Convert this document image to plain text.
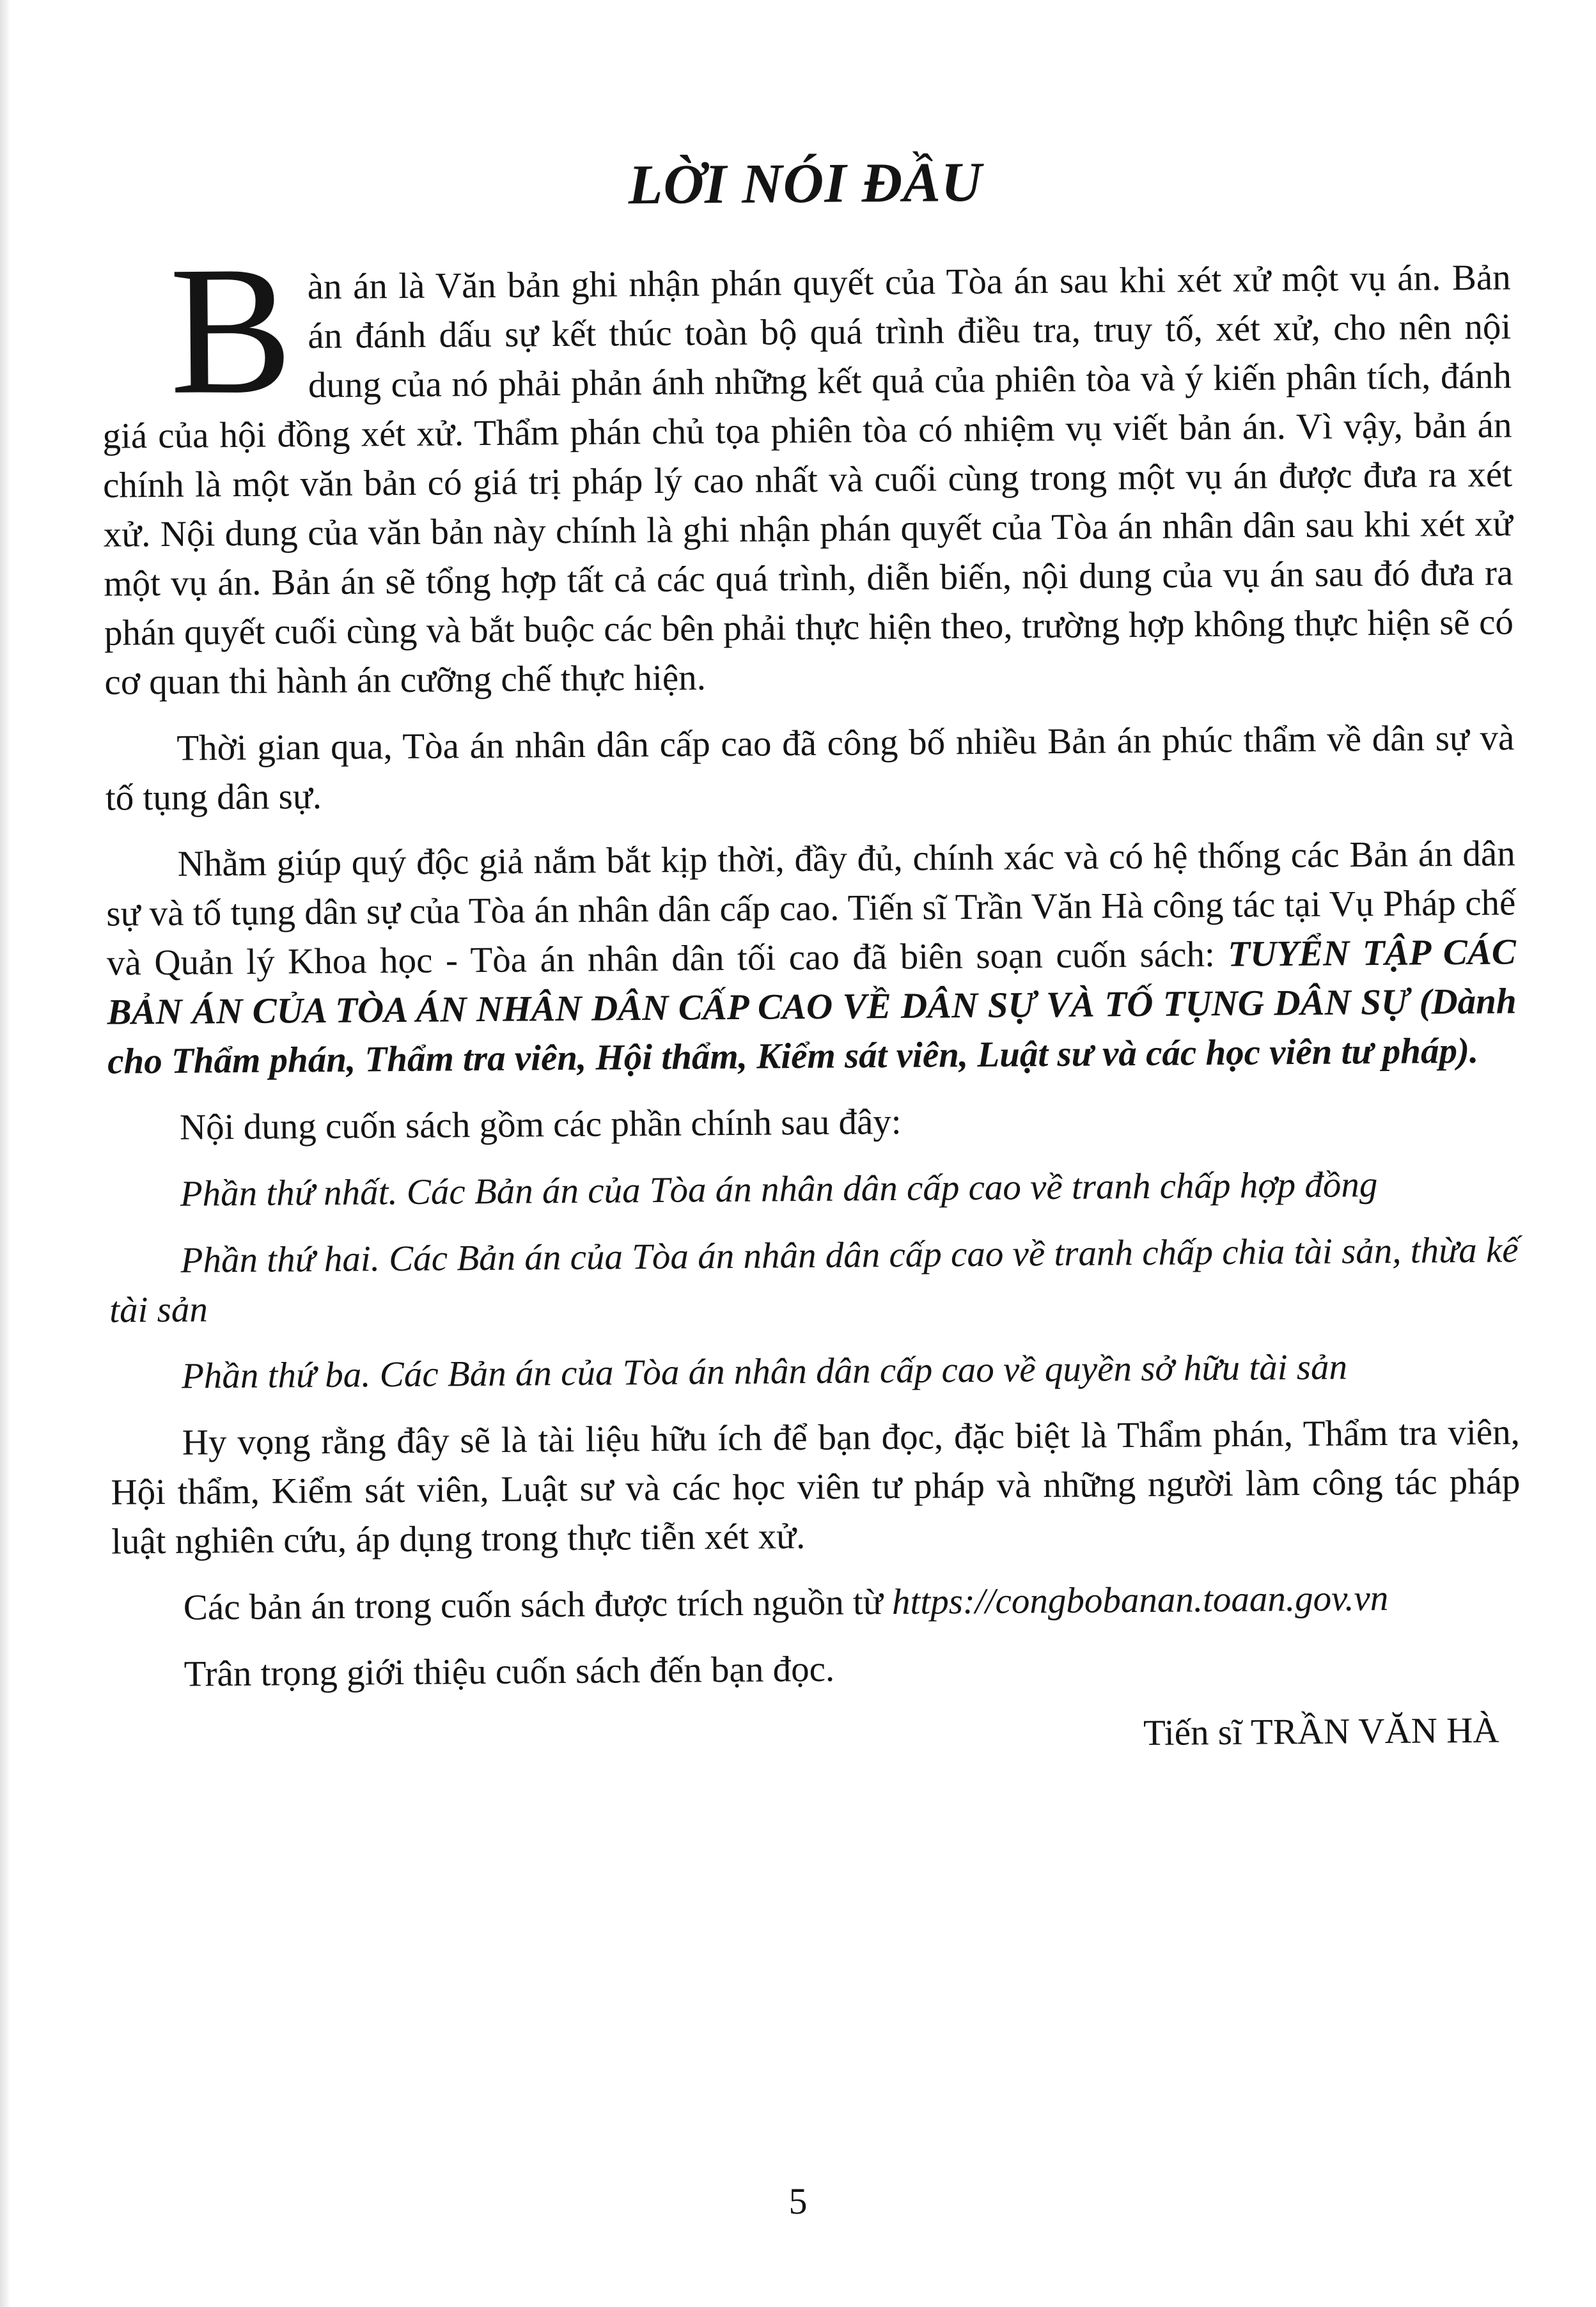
LỜI NÓI ĐẦU

Bàn án là Văn bản ghi nhận phán quyết của Tòa án sau khi xét xử một vụ án. Bản án đánh dấu sự kết thúc toàn bộ quá trình điều tra, truy tố, xét xử, cho nên nội dung của nó phải phản ánh những kết quả của phiên tòa và ý kiến phân tích, đánh giá của hội đồng xét xử. Thẩm phán chủ tọa phiên tòa có nhiệm vụ viết bản án. Vì vậy, bản án chính là một văn bản có giá trị pháp lý cao nhất và cuối cùng trong một vụ án được đưa ra xét xử. Nội dung của văn bản này chính là ghi nhận phán quyết của Tòa án nhân dân sau khi xét xử một vụ án. Bản án sẽ tổng hợp tất cả các quá trình, diễn biến, nội dung của vụ án sau đó đưa ra phán quyết cuối cùng và bắt buộc các bên phải thực hiện theo, trường hợp không thực hiện sẽ có cơ quan thi hành án cưỡng chế thực hiện.

Thời gian qua, Tòa án nhân dân cấp cao đã công bố nhiều Bản án phúc thẩm về dân sự và tố tụng dân sự.

Nhằm giúp quý độc giả nắm bắt kịp thời, đầy đủ, chính xác và có hệ thống các Bản án dân sự và tố tụng dân sự của Tòa án nhân dân cấp cao. Tiến sĩ Trần Văn Hà công tác tại Vụ Pháp chế và Quản lý Khoa học - Tòa án nhân dân tối cao đã biên soạn cuốn sách: TUYỂN TẬP CÁC BẢN ÁN CỦA TÒA ÁN NHÂN DÂN CẤP CAO VỀ DÂN SỰ VÀ TỐ TỤNG DÂN SỰ (Dành cho Thẩm phán, Thẩm tra viên, Hội thẩm, Kiểm sát viên, Luật sư và các học viên tư pháp).

Nội dung cuốn sách gồm các phần chính sau đây:

Phần thứ nhất. Các Bản án của Tòa án nhân dân cấp cao về tranh chấp hợp đồng

Phần thứ hai. Các Bản án của Tòa án nhân dân cấp cao về tranh chấp chia tài sản, thừa kế tài sản

Phần thứ ba. Các Bản án của Tòa án nhân dân cấp cao về quyền sở hữu tài sản

Hy vọng rằng đây sẽ là tài liệu hữu ích để bạn đọc, đặc biệt là Thẩm phán, Thẩm tra viên, Hội thẩm, Kiểm sát viên, Luật sư và các học viên tư pháp và những người làm công tác pháp luật nghiên cứu, áp dụng trong thực tiễn xét xử.

Các bản án trong cuốn sách được trích nguồn từ https://congbobanan.toaan.gov.vn

Trân trọng giới thiệu cuốn sách đến bạn đọc.

Tiến sĩ TRẦN VĂN HÀ
5
